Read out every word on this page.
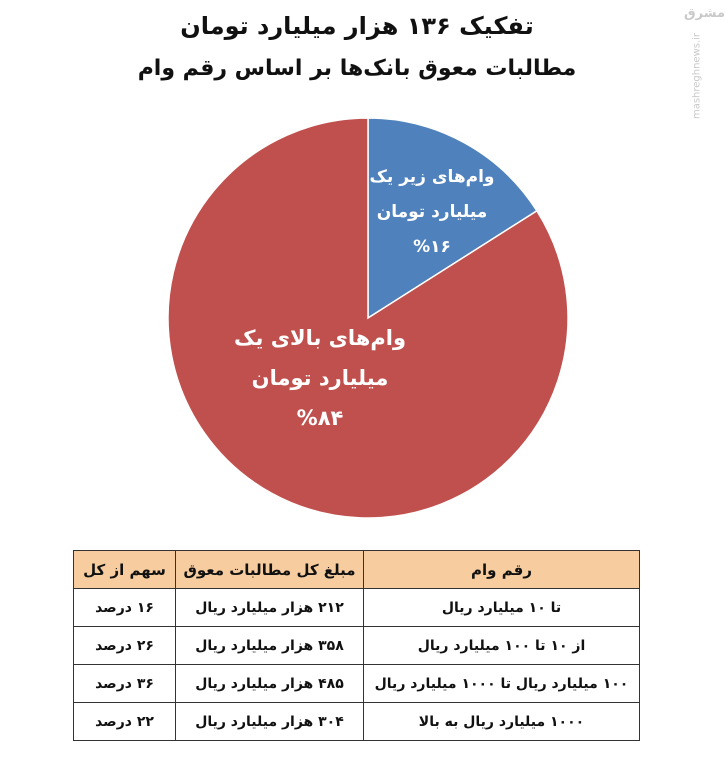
تفکیک ۱۳۶ هزار میلیارد تومان
مطالبات معوق بانک‌ها بر اساس رقم وام
مشرق
mashreghnews.ir
وام‌های زیر یک میلیارد تومان %۱۶
وام‌های بالای یک میلیارد تومان %۸۴
رقم وام	مبلغ کل مطالبات معوق	سهم از کل
تا ۱۰ میلیارد ریال	۲۱۲ هزار میلیارد ریال	۱۶ درصد
از ۱۰ تا ۱۰۰ میلیارد ریال	۳۵۸ هزار میلیارد ریال	۲۶ درصد
۱۰۰ میلیارد ریال تا ۱۰۰۰ میلیارد ریال	۴۸۵ هزار میلیارد ریال	۳۶ درصد
۱۰۰۰ میلیارد ریال به بالا	۳۰۴ هزار میلیارد ریال	۲۲ درصد
